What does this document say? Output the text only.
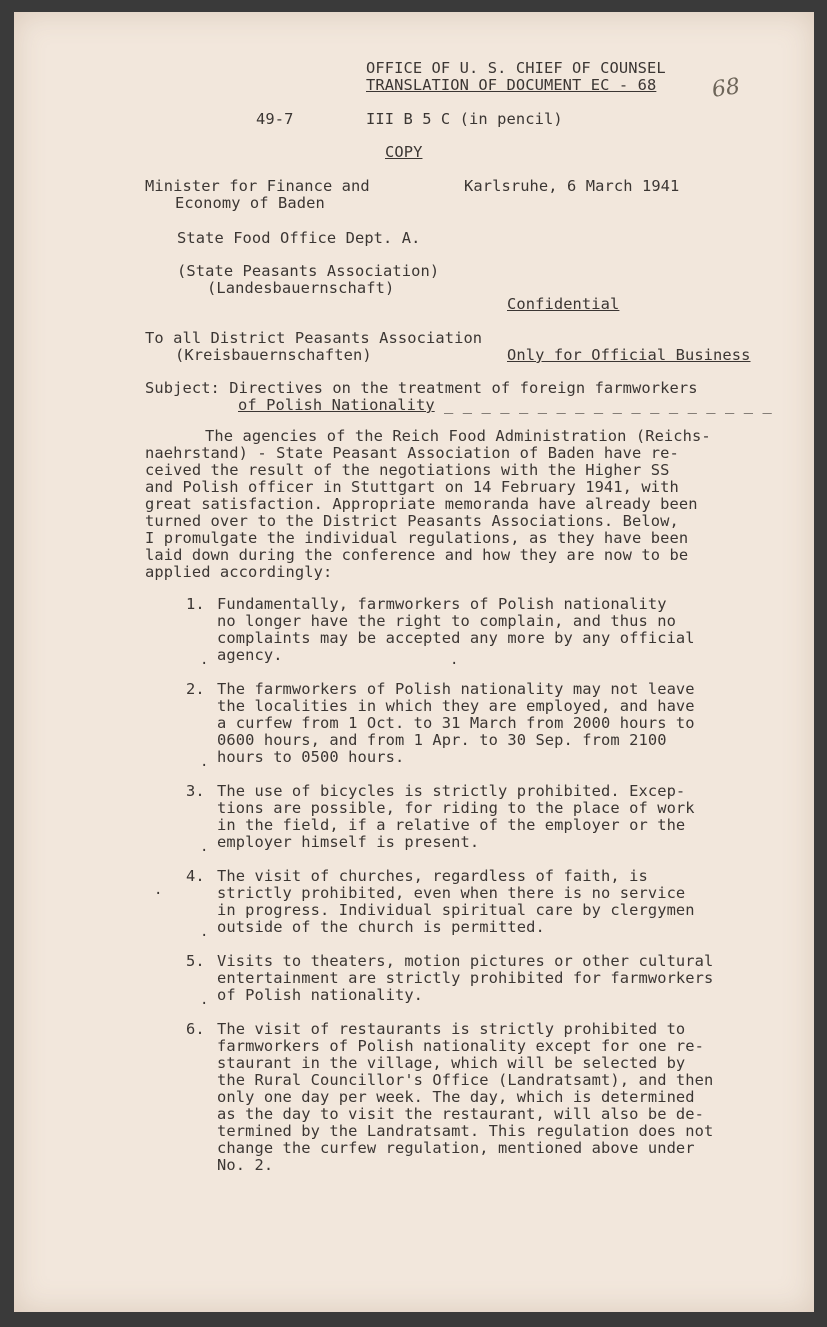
OFFICE OF U. S. CHIEF OF COUNSEL
TRANSLATION OF DOCUMENT EC - 68 68
49-7	III B 5 C (in pencil)
COPY
Minister for Finance and
Economy of Baden
Karlsruhe, 6 March 1941
State Food Office Dept. A.
(State Peasants Association)
(Landesbauernschaft)
Confidential
To all District Peasants Association
(Kreisbauernschaften)	Only for Official Business
Subject: Directives on the treatment of foreign farmworkers
of Polish Nationality _ _ _ _ _ _ _ _ _ _ _ _ _ _ _ _ _ _
The agencies of the Reich Food Administration (Reichs-
naehrstand) - State Peasant Association of Baden have re-
ceived the result of the negotiations with the Higher SS
and Polish officer in Stuttgart on 14 February 1941, with
great satisfaction. Appropriate memoranda have already been
turned over to the District Peasants Associations. Below,
I promulgate the individual regulations, as they have been
laid down during the conference and how they are now to be
applied accordingly:
1. Fundamentally, farmworkers of Polish nationality
no longer have the right to complain, and thus no
complaints may be accepted any more by any official
agency.
2. The farmworkers of Polish nationality may not leave
the localities in which they are employed, and have
a curfew from 1 Oct. to 31 March from 2000 hours to
0600 hours, and from 1 Apr. to 30 Sep. from 2100
hours to 0500 hours.
3. The use of bicycles is strictly prohibited. Excep-
tions are possible, for riding to the place of work
in the field, if a relative of the employer or the
employer himself is present.
4. The visit of churches, regardless of faith, is
strictly prohibited, even when there is no service
in progress. Individual spiritual care by clergymen
outside of the church is permitted.
5. Visits to theaters, motion pictures or other cultural
entertainment are strictly prohibited for farmworkers
of Polish nationality.
6. The visit of restaurants is strictly prohibited to
farmworkers of Polish nationality except for one re-
staurant in the village, which will be selected by
the Rural Councillor's Office (Landratsamt), and then
only one day per week. The day, which is determined
as the day to visit the restaurant, will also be de-
termined by the Landratsamt. This regulation does not
change the curfew regulation, mentioned above under
No. 2.
.
.
.
.
.
.
.
